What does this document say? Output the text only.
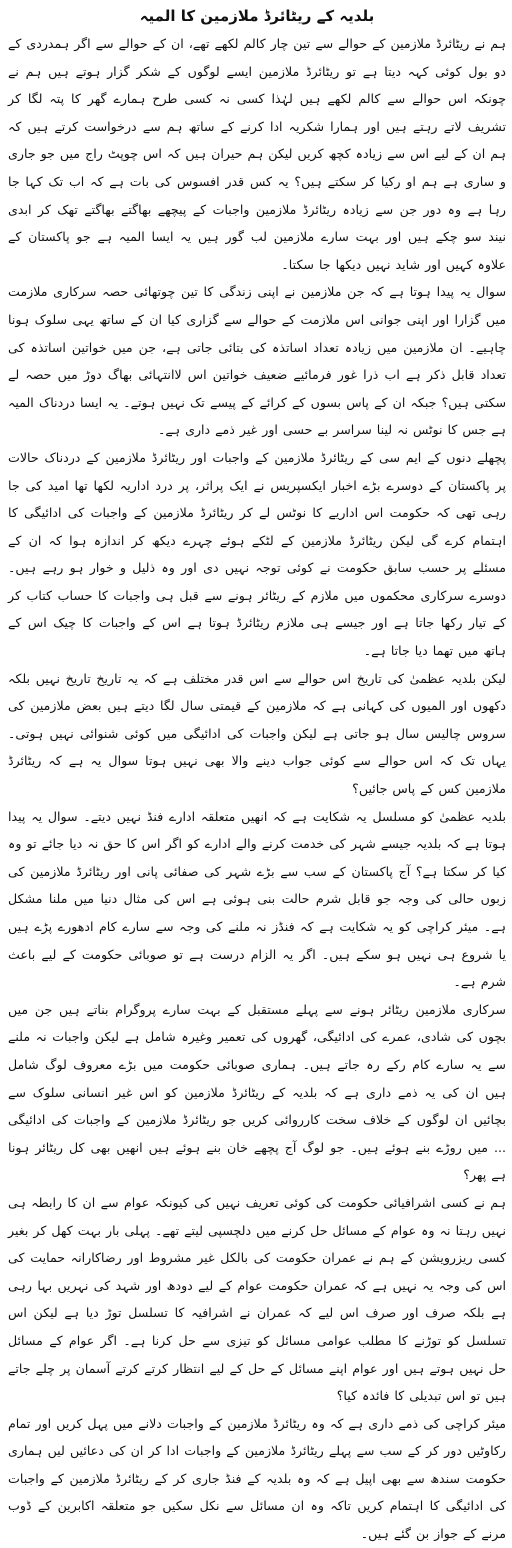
بلدیہ کے ریٹائرڈ ملازمین کا المیہ

ہم نے ریٹائرڈ ملازمین کے حوالے سے تین چار کالم لکھے تھے، ان کے حوالے سے اگر ہمدردی کے دو بول کوئی کہہ دیتا ہے تو ریٹائرڈ ملازمین ایسے لوگوں کے شکر گزار ہوتے ہیں ہم نے چونکہ اس حوالے سے کالم لکھے ہیں لہٰذا کسی نہ کسی طرح ہمارے گھر کا پتہ لگا کر تشریف لاتے رہتے ہیں اور ہمارا شکریہ ادا کرنے کے ساتھ ہم سے درخواست کرتے ہیں کہ ہم ان کے لیے اس سے زیادہ کچھ کریں لیکن ہم حیران ہیں کہ اس چوپٹ راج میں جو جاری و ساری ہے ہم او رکیا کر سکتے ہیں؟ یہ کس قدر افسوس کی بات ہے کہ اب تک کہا جا رہا ہے وہ دور جن سے زیادہ ریٹائرڈ ملازمین واجبات کے پیچھے بھاگتے بھاگتے تھک کر ابدی نیند سو چکے ہیں اور بہت سارے ملازمین لب گور ہیں یہ ایسا المیہ ہے جو پاکستان کے علاوہ کہیں اور شاید نہیں دیکھا جا سکتا۔

سوال یہ پیدا ہوتا ہے کہ جن ملازمین نے اپنی زندگی کا تین چوتھائی حصہ سرکاری ملازمت میں گزارا اور اپنی جوانی اس ملازمت کے حوالے سے گزاری کیا ان کے ساتھ یہی سلوک ہونا چاہیے۔ ان ملازمین میں زیادہ تعداد اساتذہ کی بتائی جاتی ہے، جن میں خواتین اساتذہ کی تعداد قابل ذکر ہے اب ذرا غور فرمائیے ضعیف خواتین اس لاانتہائی بھاگ دوڑ میں حصہ لے سکتی ہیں؟ جبکہ ان کے پاس بسوں کے کرائے کے پیسے تک نہیں ہوتے۔ یہ ایسا دردناک المیہ ہے جس کا نوٹس نہ لینا سراسر بے حسی اور غیر ذمے داری ہے۔

پچھلے دنوں کے ایم سی کے ریٹائرڈ ملازمین کے واجبات اور ریٹائرڈ ملازمین کے دردناک حالات پر پاکستان کے دوسرے بڑے اخبار ایکسپریس نے ایک پراثر، پر درد اداریہ لکھا تھا امید کی جا رہی تھی کہ حکومت اس اداریے کا نوٹس لے کر ریٹائرڈ ملازمین کے واجبات کی ادائیگی کا اہتمام کرے گی لیکن ریٹائرڈ ملازمین کے لٹکے ہوئے چہرے دیکھ کر اندازہ ہوا کہ ان کے مسئلے پر حسب سابق حکومت نے کوئی توجہ نہیں دی اور وہ ذلیل و خوار ہو رہے ہیں۔ دوسرے سرکاری محکموں میں ملازم کے ریٹائر ہونے سے قبل ہی واجبات کا حساب کتاب کر کے تیار رکھا جاتا ہے اور جیسے ہی ملازم ریٹائرڈ ہوتا ہے اس کے واجبات کا چیک اس کے ہاتھ میں تھما دیا جاتا ہے۔

لیکن بلدیہ عظمیٰ کی تاریخ اس حوالے سے اس قدر مختلف ہے کہ یہ تاریخ تاریخ نہیں بلکہ دکھوں اور المیوں کی کہانی ہے کہ ملازمین کے قیمتی سال لگا دیتے ہیں بعض ملازمین کی سروس چالیس سال ہو جاتی ہے لیکن واجبات کی ادائیگی میں کوئی شنوائی نہیں ہوتی۔ یہاں تک کہ اس حوالے سے کوئی جواب دینے والا بھی نہیں ہوتا سوال یہ ہے کہ ریٹائرڈ ملازمین کس کے پاس جائیں؟

بلدیہ عظمیٰ کو مسلسل یہ شکایت ہے کہ انھیں متعلقہ ادارے فنڈ نہیں دیتے۔ سوال یہ پیدا ہوتا ہے کہ بلدیہ جیسے شہر کی خدمت کرنے والے ادارے کو اگر اس کا حق نہ دیا جائے تو وہ کیا کر سکتا ہے؟ آج پاکستان کے سب سے بڑے شہر کی صفائی پانی اور ریٹائرڈ ملازمین کی زبوں حالی کی وجہ جو قابل شرم حالت بنی ہوئی ہے اس کی مثال دنیا میں ملنا مشکل ہے۔ میئر کراچی کو یہ شکایت ہے کہ فنڈز نہ ملنے کی وجہ سے سارے کام ادھورے پڑے ہیں یا شروع ہی نہیں ہو سکے ہیں۔ اگر یہ الزام درست ہے تو صوبائی حکومت کے لیے باعث شرم ہے۔

سرکاری ملازمین ریٹائر ہونے سے پہلے مستقبل کے بہت سارے پروگرام بناتے ہیں جن میں بچوں کی شادی، عمرے کی ادائیگی، گھروں کی تعمیر وغیرہ شامل ہے لیکن واجبات نہ ملنے سے یہ سارے کام رکے رہ جاتے ہیں۔ ہماری صوبائی حکومت میں بڑے معروف لوگ شامل ہیں ان کی یہ ذمے داری ہے کہ بلدیہ کے ریٹائرڈ ملازمین کو اس غیر انسانی سلوک سے بچائیں ان لوگوں کے خلاف سخت کارروائی کریں جو ریٹائرڈ ملازمین کے واجبات کی ادائیگی ... میں روڑے بنے ہوئے ہیں۔ جو لوگ آج پچھے خان بنے ہوئے ہیں انھیں بھی کل ریٹائر ہونا ہے پھر؟

ہم نے کسی اشرافیائی حکومت کی کوئی تعریف نہیں کی کیونکہ عوام سے ان کا رابطہ ہی نہیں رہتا نہ وہ عوام کے مسائل حل کرنے میں دلچسپی لیتے تھے۔ پہلی بار بہت کھل کر بغیر کسی ریزرویشن کے ہم نے عمران حکومت کی بالکل غیر مشروط اور رضاکارانہ حمایت کی اس کی وجہ یہ نہیں ہے کہ عمران حکومت عوام کے لیے دودھ اور شہد کی نہریں بہا رہی ہے بلکہ صرف اور صرف اس لیے کہ عمران نے اشرافیہ کا تسلسل توڑ دیا ہے لیکن اس تسلسل کو توڑنے کا مطلب عوامی مسائل کو تیزی سے حل کرنا ہے۔ اگر عوام کے مسائل حل نہیں ہوتے ہیں اور عوام اپنے مسائل کے حل کے لیے انتظار کرتے کرتے آسمان پر چلے جاتے ہیں تو اس تبدیلی کا فائدہ کیا؟

میئر کراچی کی ذمے داری ہے کہ وہ ریٹائرڈ ملازمین کے واجبات دلانے میں پہل کریں اور تمام رکاوٹیں دور کر کے سب سے پہلے ریٹائرڈ ملازمین کے واجبات ادا کر ان کی دعائیں لیں ہماری حکومت سندھ سے بھی اپیل ہے کہ وہ بلدیہ کے فنڈ جاری کر کے ریٹائرڈ ملازمین کے واجبات کی ادائیگی کا اہتمام کریں تاکہ وہ ان مسائل سے نکل سکیں جو متعلقہ اکابرین کے ڈوب مرنے کے جواز بن گئے ہیں۔
